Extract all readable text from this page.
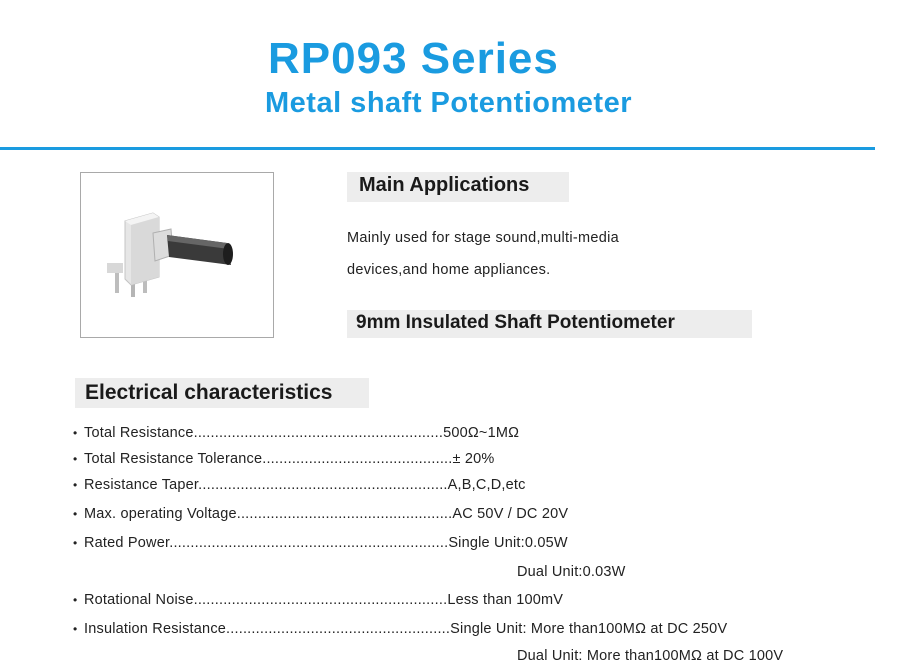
RP093 Series
Metal shaft Potentiometer
Main Applications
Mainly used for stage sound,multi-media
devices,and home appliances.
9mm Insulated Shaft Potentiometer
Electrical characteristics
• Total Resistance...........................................................500Ω~1MΩ
• Total Resistance Tolerance.............................................± 20%
• Resistance Taper...........................................................A,B,C,D,etc
• Max. operating Voltage...................................................AC 50V / DC 20V
• Rated Power..................................................................Single Unit:0.05W
Dual Unit:0.03W
• Rotational Noise............................................................Less than 100mV
• Insulation Resistance.....................................................Single Unit: More than100MΩ at DC 250V
Dual Unit: More than100MΩ at DC 100V
